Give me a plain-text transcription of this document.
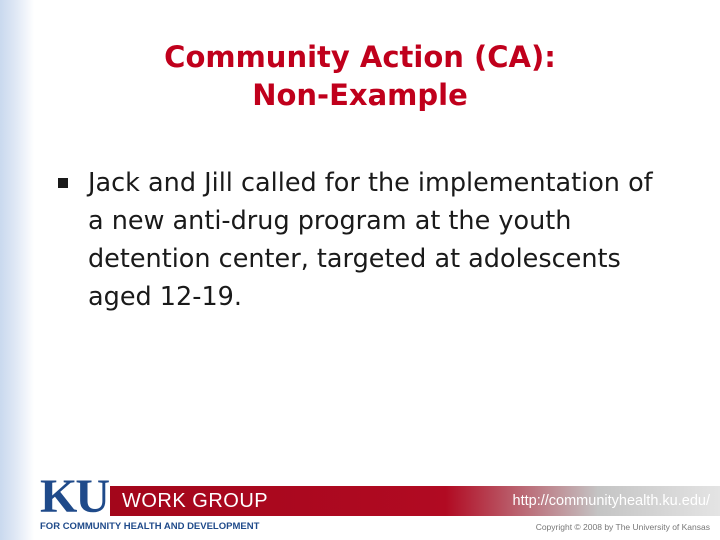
Community Action (CA):
Non-Example
Jack and Jill called for the implementation of a new anti-drug program at the youth detention center, targeted at adolescents aged 12-19.
KU WORK GROUP	http://communityhealth.ku.edu/
FOR COMMUNITY HEALTH AND DEVELOPMENT	Copyright © 2008 by The University of Kansas
